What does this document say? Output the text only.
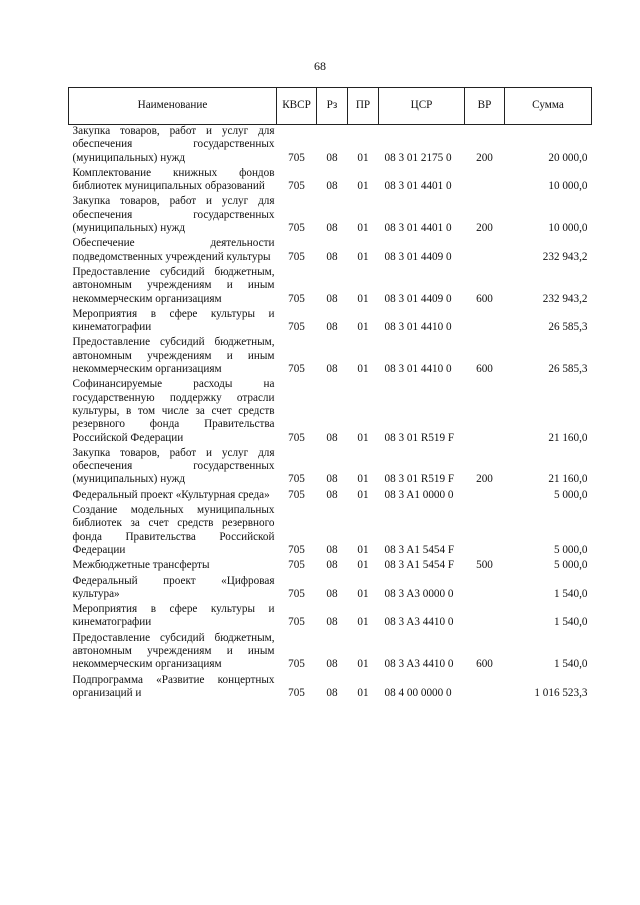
68
Наименование	КВСР	Рз	ПР	ЦСР	ВР	Сумма
Закупка товаров, работ и услуг для обеспечения государственных (муниципальных) нужд	705	08	01	08 3 01 2175 0	200	20 000,0
Комплектование книжных фондов библиотек муниципальных образований	705	08	01	08 3 01 4401 0		10 000,0
Закупка товаров, работ и услуг для обеспечения государственных (муниципальных) нужд	705	08	01	08 3 01 4401 0	200	10 000,0
Обеспечение деятельности подведомственных учреждений культуры	705	08	01	08 3 01 4409 0		232 943,2
Предоставление субсидий бюджетным, автономным учреждениям и иным некоммерческим организациям	705	08	01	08 3 01 4409 0	600	232 943,2
Мероприятия в сфере культуры и кинематографии	705	08	01	08 3 01 4410 0		26 585,3
Предоставление субсидий бюджетным, автономным учреждениям и иным некоммерческим организациям	705	08	01	08 3 01 4410 0	600	26 585,3
Софинансируемые расходы на государственную поддержку отрасли культуры, в том числе за счет средств резервного фонда Правительства Российской Федерации	705	08	01	08 3 01 R519 F		21 160,0
Закупка товаров, работ и услуг для обеспечения государственных (муниципальных) нужд	705	08	01	08 3 01 R519 F	200	21 160,0
Федеральный проект «Культурная среда»	705	08	01	08 3 A1 0000 0		5 000,0
Создание модельных муниципальных библиотек за счет средств резервного фонда Правительства Российской Федерации	705	08	01	08 3 A1 5454 F		5 000,0
Межбюджетные трансферты	705	08	01	08 3 A1 5454 F	500	5 000,0
Федеральный проект «Цифровая культура»	705	08	01	08 3 A3 0000 0		1 540,0
Мероприятия в сфере культуры и кинематографии	705	08	01	08 3 A3 4410 0		1 540,0
Предоставление субсидий бюджетным, автономным учреждениям и иным некоммерческим организациям	705	08	01	08 3 A3 4410 0	600	1 540,0
Подпрограмма «Развитие концертных организаций и	705	08	01	08 4 00 0000 0		1 016 523,3
